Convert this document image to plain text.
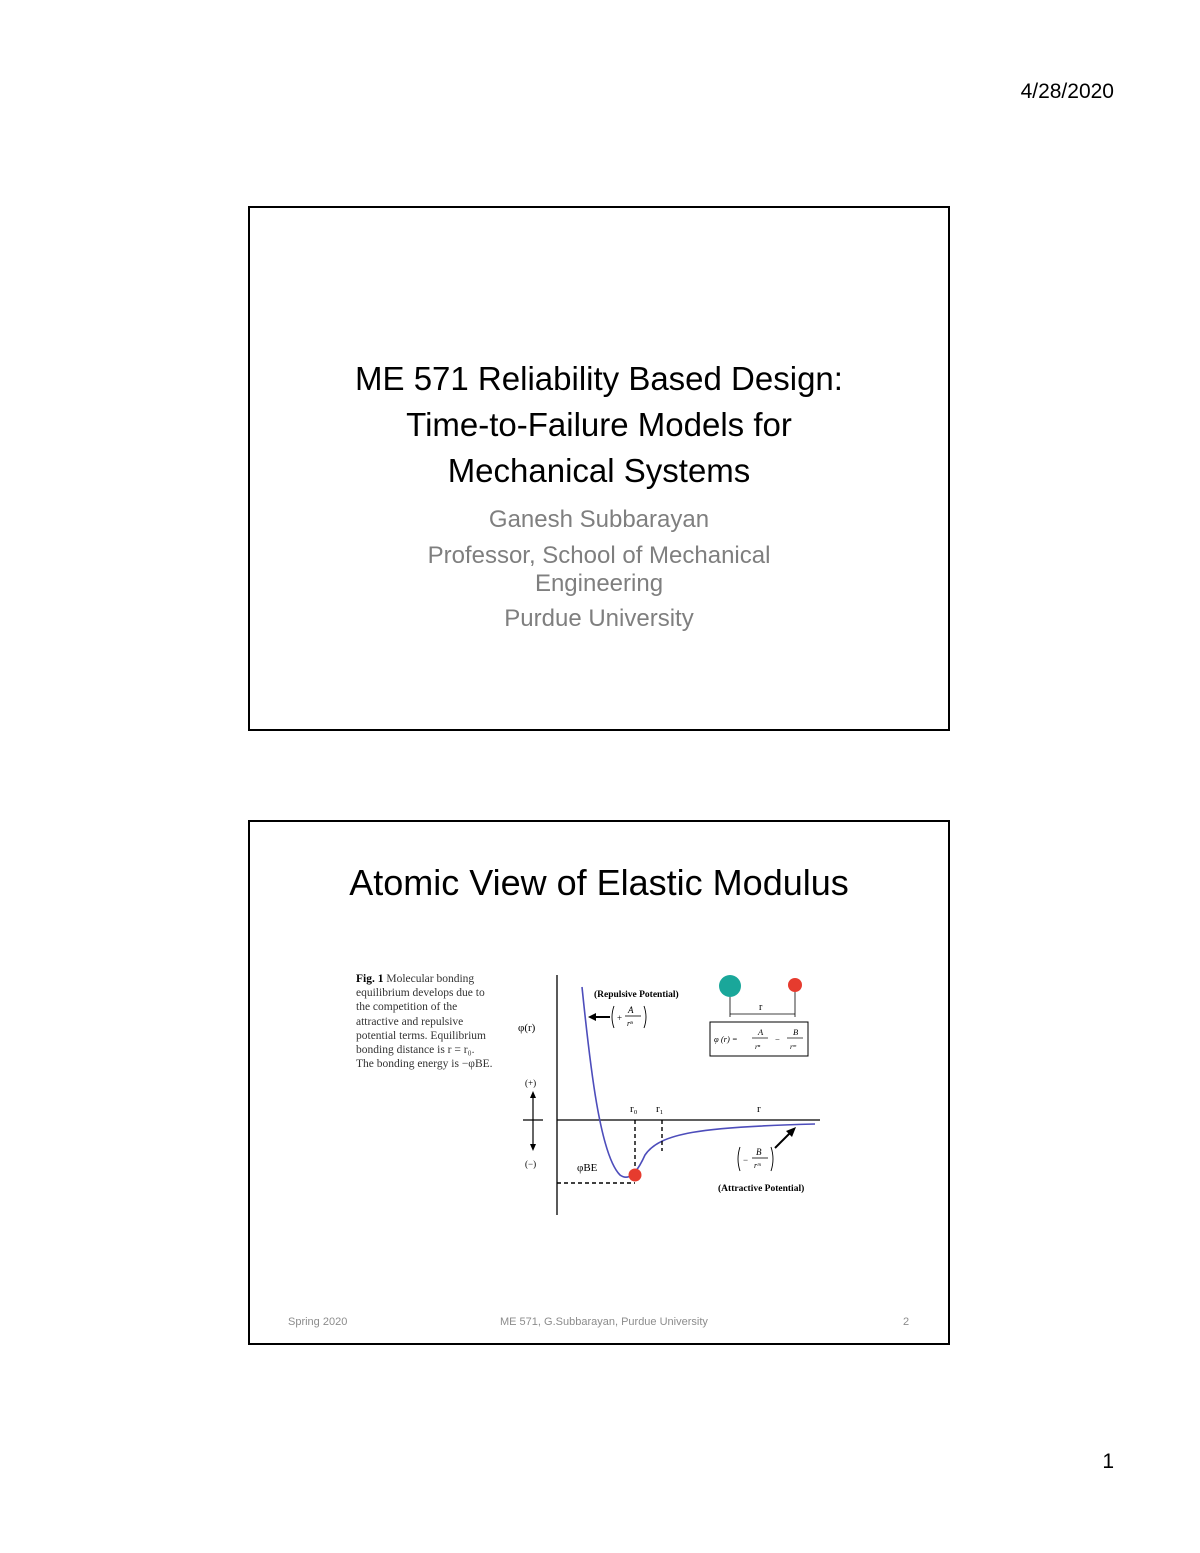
4/28/2020
ME 571 Reliability Based Design:
Time-to-Failure Models for
Mechanical Systems
Ganesh Subbarayan
Professor, School of Mechanical
Engineering
Purdue University
Atomic View of Elastic Modulus
Fig. 1 Molecular bonding
equilibrium develops due to
the competition of the
attractive and repulsive
potential terms. Equilibrium
bonding distance is r = r₀.
The bonding energy is −φBE.
φ(r)
(+)
(−)
r₀ r₁	r
φBE
(Repulsive Potential)
+
A
rⁿ
r
φ (r) =
A
rⁿ
−
B
rᵐ
−
B
rᵐ
(Attractive Potential)
Spring 2020	ME 571, G.Subbarayan, Purdue University	2
1
